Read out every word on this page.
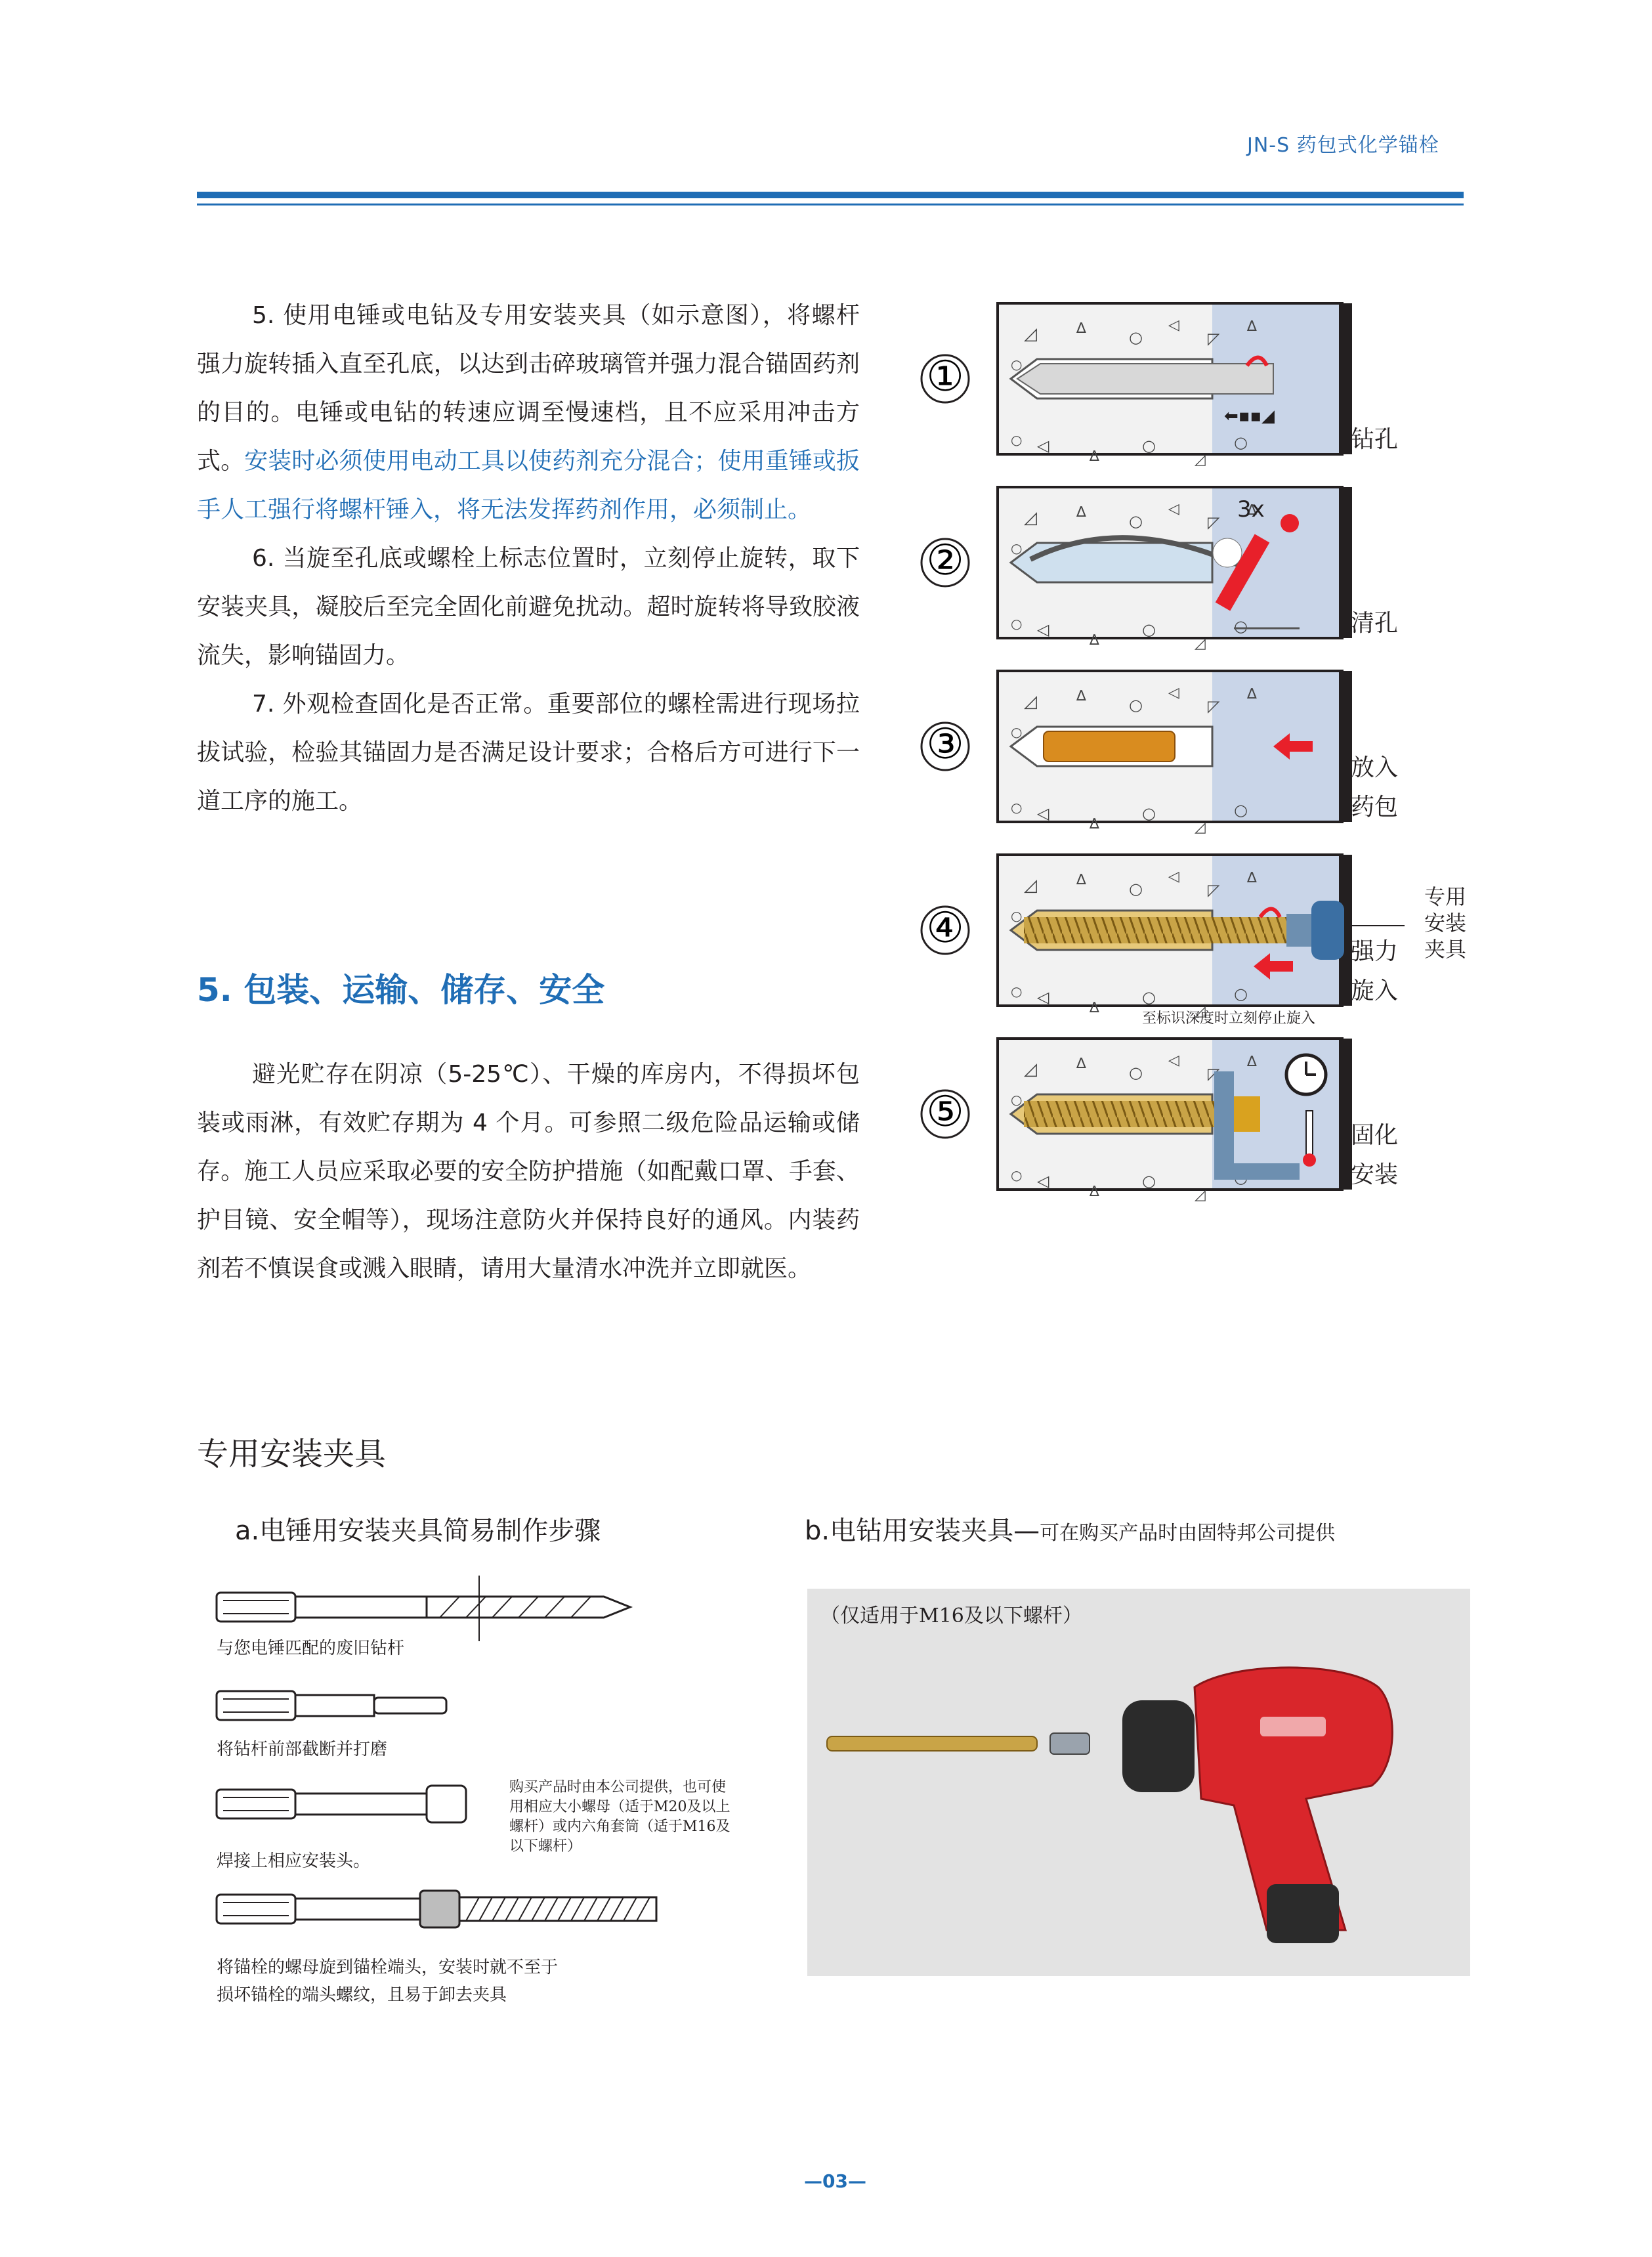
JN-S 药包式化学锚栓

5. 使用电锤或电钻及专用安装夹具（如示意图），将螺杆强力旋转插入直至孔底，以达到击碎玻璃管并强力混合锚固药剂的目的。电锤或电钻的转速应调至慢速档，且不应采用冲击方式。安装时必须使用电动工具以使药剂充分混合；使用重锤或扳手人工强行将螺杆锤入，将无法发挥药剂作用，必须制止。

6. 当旋至孔底或螺栓上标志位置时，立刻停止旋转，取下安装夹具，凝胶后至完全固化前避免扰动。超时旋转将导致胶液流失，影响锚固力。

7. 外观检查固化是否正常。重要部位的螺栓需进行现场拉拔试验，检验其锚固力是否满足设计要求；合格后方可进行下一道工序的施工。

5. 包装、运输、储存、安全

避光贮存在阴凉（5-25℃）、干燥的库房内，不得损坏包装或雨淋，有效贮存期为 4 个月。可参照二级危险品运输或储存。施工人员应采取必要的安全防护措施（如配戴口罩、手套、护目镜、安全帽等），现场注意防火并保持良好的通风。内装药剂若不慎误食或溅入眼睛，请用大量清水冲洗并立即就医。

◿	∆
○
◁
○	⬅▪▪◢
①
3x
②
③
④
⑤
钻孔
清孔
放入
药包
强力
旋入
固化
安装
专用
安装
夹具
至标识深度时立刻停止旋入
专用安装夹具
a.电锤用安装夹具简易制作步骤	b.电钻用安装夹具—可在购买产品时由固特邦公司提供
与您电锤匹配的废旧钻杆
将钻杆前部截断并打磨
焊接上相应安装头。
将锚栓的螺母旋到锚栓端头，安装时就不至于
损坏锚栓的端头螺纹，且易于卸去夹具
购买产品时由本公司提供，也可使
用相应大小螺母（适于M20及以上
螺杆）或内六角套筒（适于M16及
以下螺杆）
（仅适用于M16及以下螺杆）
—03—
